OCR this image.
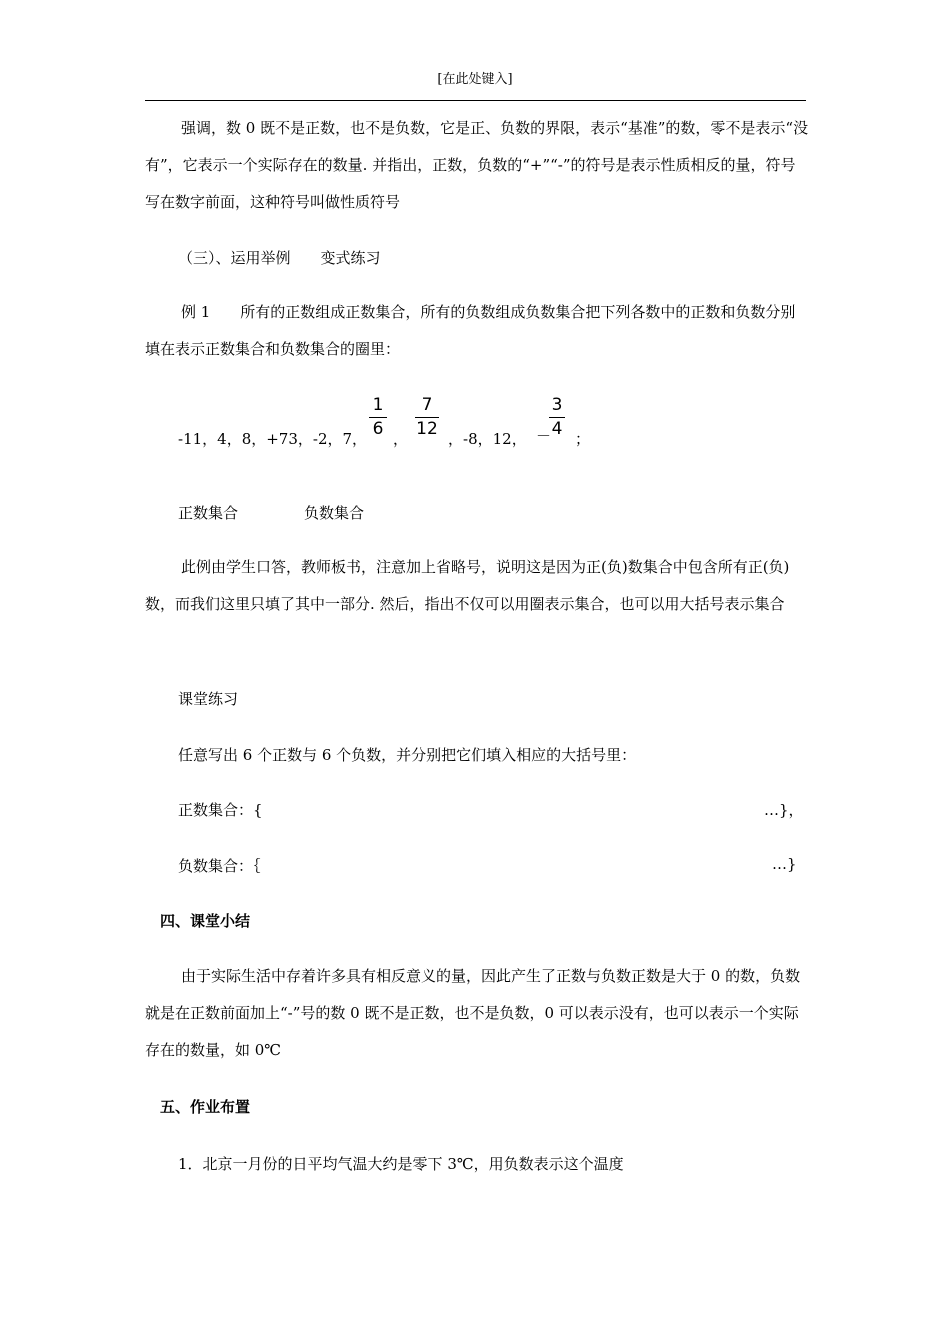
[在此处键入]
强调，数 0 既不是正数，也不是负数，它是正、负数的界限，表示“基准”的数，零不是表示“没有”，它表示一个实际存在的数量. 并指出，正数，负数的“+”“-”的符号是表示性质相反的量，符号写在数字前面，这种符号叫做性质符号
（三）、运用举例　　变式练习
例 1　　所有的正数组成正数集合，所有的负数组成负数集合把下列各数中的正数和负数分别填在表示正数集合和负数集合的圈里：
-11，4，8，+73，-2，7，
1
6 ，
7
12 ，-8，12， －
3
4 ；
正数集合	负数集合
此例由学生口答，教师板书，注意加上省略号，说明这是因为正(负)数集合中包含所有正(负)数，而我们这里只填了其中一部分. 然后，指出不仅可以用圈表示集合，也可以用大括号表示集合
课堂练习
任意写出 6 个正数与 6 个负数，并分别把它们填入相应的大括号里：
正数集合：{	…}，
负数集合：｛	…}
四、课堂小结
由于实际生活中存着许多具有相反意义的量，因此产生了正数与负数正数是大于 0 的数，负数就是在正数前面加上“-”号的数 0 既不是正数，也不是负数，0 可以表示没有，也可以表示一个实际存在的数量，如 0℃
五、作业布置
1．北京一月份的日平均气温大约是零下 3℃，用负数表示这个温度
